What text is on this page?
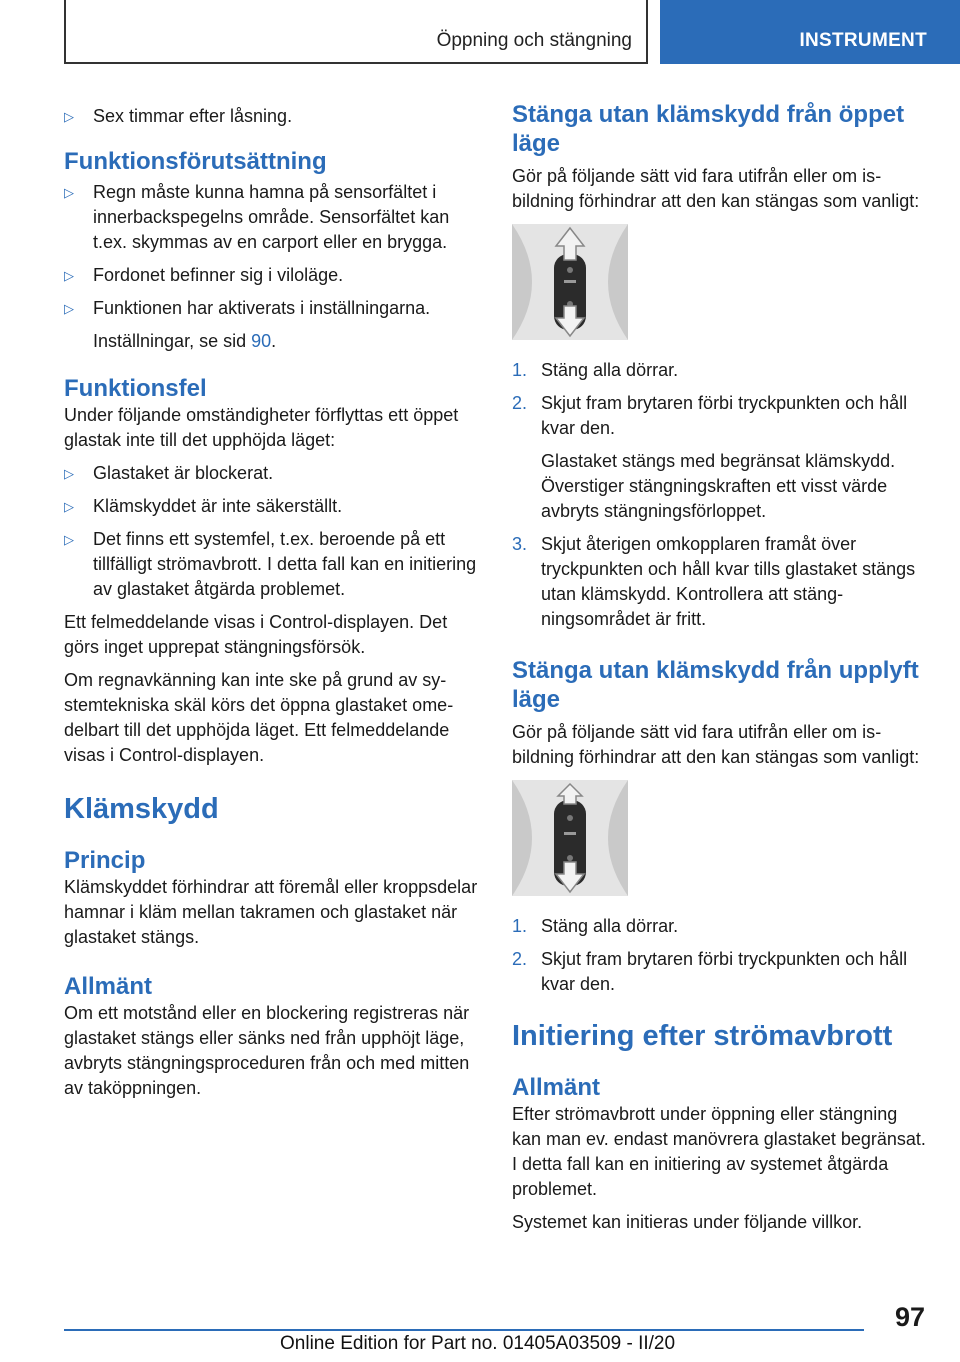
Öppning och stängning	INSTRUMENT
▷ Sex timmar efter låsning.
Funktionsförutsättning
▷ Regn måste kunna hamna på sensorfältet i innerbackspegelns område. Sensorfältet kan t.ex. skymmas av en carport eller en brygga.
▷ Fordonet befinner sig i viloläge.
▷ Funktionen har aktiverats i inställningarna.

Inställningar, se sid 90.

Funktionsfel

Under följande omständigheter förflyttas ett öppet glastak inte till det upphöjda läget:

▷ Glastaket är blockerat.
▷ Klämskyddet är inte säkerställt.
▷ Det finns ett systemfel, t.ex. beroende på ett tillfälligt strömavbrott. I detta fall kan en initiering av glastaket åtgärda problemet.

Ett felmeddelande visas i Control-displayen. Det görs inget upprepat stängningsförsök.

Om regnavkänning kan inte ske på grund av systemtekniska skäl körs det öppna glastaket omedelbart till det upphöjda läget. Ett felmeddelande visas i Control-displayen.

Klämskydd
Princip

Klämskyddet förhindrar att föremål eller kroppsdelar hamnar i kläm mellan takramen och glastaket när glastaket stängs.

Allmänt

Om ett motstånd eller en blockering registreras när glastaket stängs eller sänks ned från upphöjt läge, avbryts stängningsproceduren från och med mitten av taköppningen.

Stänga utan klämskydd från öppet läge

Gör på följande sätt vid fara utifrån eller om isbildning förhindrar att den kan stängas som vanligt:

1. Stäng alla dörrar.
2. Skjut fram brytaren förbi tryckpunkten och håll kvar den.
Glastaket stängs med begränsat klämskydd. Överstiger stängningskraften ett visst värde avbryts stängningsförloppet.
3. Skjut återigen omkopplaren framåt över tryckpunkten och håll kvar tills glastaket stängs utan klämskydd. Kontrollera att stängningsområdet är fritt.
Stänga utan klämskydd från upplyft läge

Gör på följande sätt vid fara utifrån eller om isbildning förhindrar att den kan stängas som vanligt:

1. Stäng alla dörrar.
2. Skjut fram brytaren förbi tryckpunkten och håll kvar den.
Initiering efter strömavbrott
Allmänt

Efter strömavbrott under öppning eller stängning kan man ev. endast manövrera glastaket begränsat. I detta fall kan en initiering av systemet åtgärda problemet.

Systemet kan initieras under följande villkor.

97
Online Edition for Part no. 01405A03509 - II/20
